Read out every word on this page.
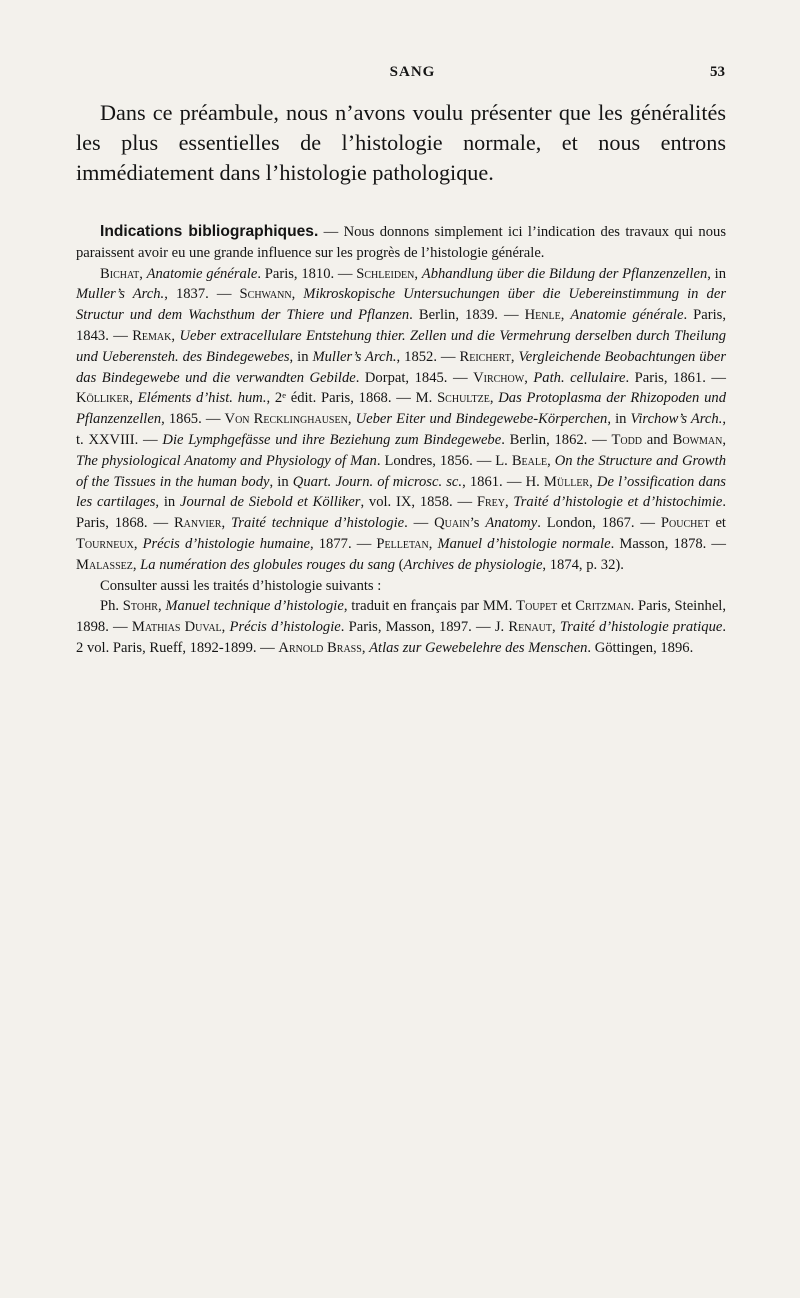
SANG	53

Dans ce préambule, nous n’avons voulu présenter que les généralités les plus essentielles de l’histologie normale, et nous entrons immédiatement dans l’histologie pathologique.

Indications bibliographiques. — Nous donnons simplement ici l’indication des travaux qui nous paraissent avoir eu une grande influence sur les progrès de l’histologie générale.

Bichat, Anatomie générale. Paris, 1810. — Schleiden, Abhandlung über die Bildung der Pflanzenzellen, in Muller’s Arch., 1837. — Schwann, Mikroskopische Untersuchungen über die Uebereinstimmung in der Structur und dem Wachsthum der Thiere und Pflanzen. Berlin, 1839. — Henle, Anatomie générale. Paris, 1843. — Remak, Ueber extracellulare Entstehung thier. Zellen und die Vermehrung derselben durch Theilung und Ueberensteh. des Bindegewebes, in Muller’s Arch., 1852. — Reichert, Vergleichende Beobachtungen über das Bindegewebe und die verwandten Gebilde. Dorpat, 1845. — Virchow, Path. cellulaire. Paris, 1861. — Kölliker, Eléments d’hist. hum., 2ᵉ édit. Paris, 1868. — M. Schultze, Das Protoplasma der Rhizopoden und Pflanzenzellen, 1865. — Von Recklinghausen, Ueber Eiter und Bindegewebe-Körperchen, in Virchow’s Arch., t. XXVIII. — Die Lymphgefässe und ihre Beziehung zum Bindegewebe. Berlin, 1862. — Todd and Bowman, The physiological Anatomy and Physiology of Man. Londres, 1856. — L. Beale, On the Structure and Growth of the Tissues in the human body, in Quart. Journ. of microsc. sc., 1861. — H. Müller, De l’ossification dans les cartilages, in Journal de Siebold et Kölliker, vol. IX, 1858. — Frey, Traité d’histologie et d’histochimie. Paris, 1868. — Ranvier, Traité technique d’histologie. — Quain’s Anatomy. London, 1867. — Pouchet et Tourneux, Précis d’histologie humaine, 1877. — Pelletan, Manuel d’histologie normale. Masson, 1878. — Malassez, La numération des globules rouges du sang (Archives de physiologie, 1874, p. 32).

Consulter aussi les traités d’histologie suivants :

Ph. Stohr, Manuel technique d’histologie, traduit en français par MM. Toupet et Critzman. Paris, Steinhel, 1898. — Mathias Duval, Précis d’histologie. Paris, Masson, 1897. — J. Renaut, Traité d’histologie pratique. 2 vol. Paris, Rueff, 1892-1899. — Arnold Brass, Atlas zur Gewebelehre des Menschen. Göttingen, 1896.
